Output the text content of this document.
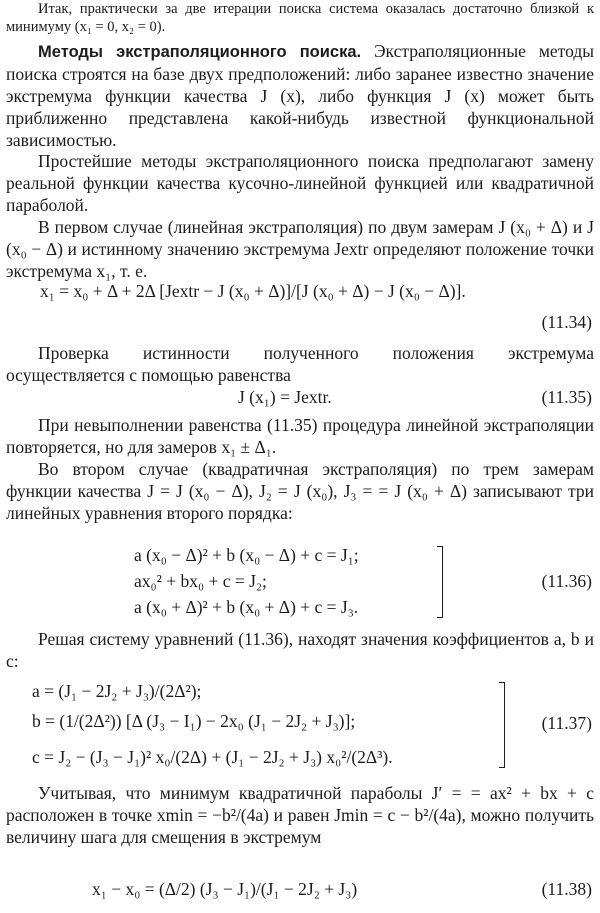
Итак, практически за две итерации поиска система оказалась достаточно близкой к минимуму (x₁ = 0, x₂ = 0).
Методы экстраполяционного поиска. Экстраполяционные методы поиска строятся на базе двух предположений: либо заранее известно значение экстремума функции качества J (x), либо функция J (x) может быть приближенно представлена какой-нибудь известной функциональной зависимостью.
Простейшие методы экстраполяционного поиска предполагают замену реальной функции качества кусочно-линейной функцией или квадратичной параболой.
В первом случае (линейная экстраполяция) по двум замерам J (x₀ + Δ) и J (x₀ − Δ) и истинному значению экстремума Jextr определяют положение точки экстремума x₁, т. е.
x₁ = x₀ + Δ + 2Δ [Jextr − J (x₀ + Δ)]/[J (x₀ + Δ) − J (x₀ − Δ)].
(11.34)
Проверка истинности полученного положения экстремума осуществляется с помощью равенства
J (x₁) = Jextr.	(11.35)
При невыполнении равенства (11.35) процедура линейной экстраполяции повторяется, но для замеров x₁ ± Δ₁.
Во втором случае (квадратичная экстраполяция) по трем замерам функции качества J = J (x₀ − Δ), J₂ = J (x₀), J₃ = = J (x₀ + Δ) записывают три линейных уравнения второго порядка:
a (x₀ − Δ)² + b (x₀ − Δ) + c = J₁;
ax₀² + bx₀ + c = J₂;
a (x₀ + Δ)² + b (x₀ + Δ) + c = J₃.
(11.36)
Решая систему уравнений (11.36), находят значения коэффициентов a, b и c:
a = (J₁ − 2J₂ + J₃)/(2Δ²);
b = (1/(2Δ²)) [Δ (J₃ − I₁) − 2x₀ (J₁ − 2J₂ + J₃)];
c = J₂ − (J₃ − J₁)² x₀/(2Δ) + (J₁ − 2J₂ + J₃) x₀²/(2Δ³).
(11.37)
Учитывая, что минимум квадратичной параболы J′ = = ax² + bx + c расположен в точке xmin = −b²/(4a) и равен Jmin = c − b²/(4a), можно получить величину шага для смещения в экстремум
x₁ − x₀ = (Δ/2) (J₃ − J₁)/(J₁ − 2J₂ + J₃)	(11.38)
